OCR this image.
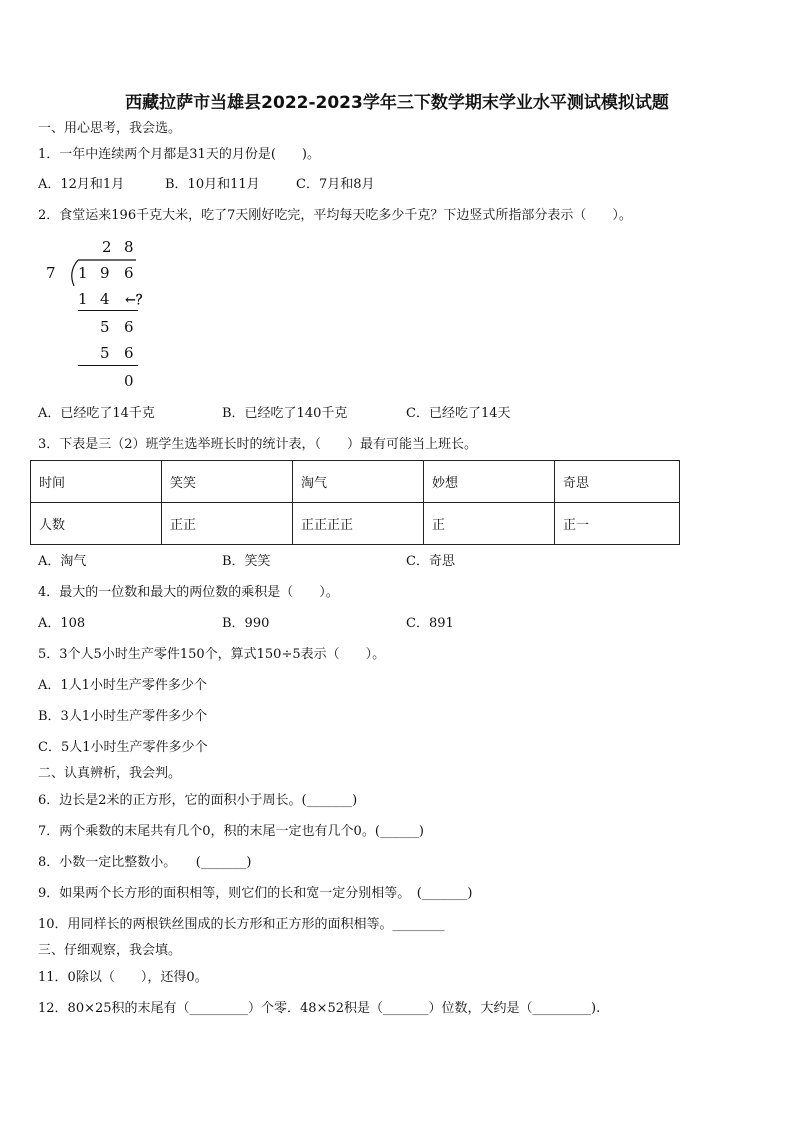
西藏拉萨市当雄县2022-2023学年三下数学期末学业水平测试模拟试题
一、用心思考，我会选。
1．一年中连续两个月都是31天的月份是(　　)。
A．12月和1月	B．10月和11月	C．7月和8月
2．食堂运来196千克大米，吃了7天刚好吃完，平均每天吃多少千克？下边竖式所指部分表示（　　）。
2 8
7 1 9 6
1 4 ←？
5 6
5 6
0
A．已经吃了14千克	B．已经吃了140千克	C．已经吃了14天
3．下表是三（2）班学生选举班长时的统计表，（　　）最有可能当上班长。
时间	笑笑	淘气	妙想	奇思
人数	正正	正正正正	正	正一
A．淘气	B．笑笑	C．奇思
4．最大的一位数和最大的两位数的乘积是（　　）。
A．108	B．990	C．891
5．3个人5小时生产零件150个，算式150÷5表示（　　）。
A．1人1小时生产零件多少个
B．3人1小时生产零件多少个
C．5人1小时生产零件多少个
二、认真辨析，我会判。
6．边长是2米的正方形，它的面积小于周长。(_______)
7．两个乘数的末尾共有几个0，积的末尾一定也有几个0。(______)
8．小数一定比整数小。　　(_______)
9．如果两个长方形的面积相等，则它们的长和宽一定分别相等。　(_______)
10．用同样长的两根铁丝围成的长方形和正方形的面积相等。________
三、仔细观察，我会填。
11．0除以（　　），还得0。
12．80×25积的末尾有（_________）个零．48×52积是（_______）位数，大约是（_________).
